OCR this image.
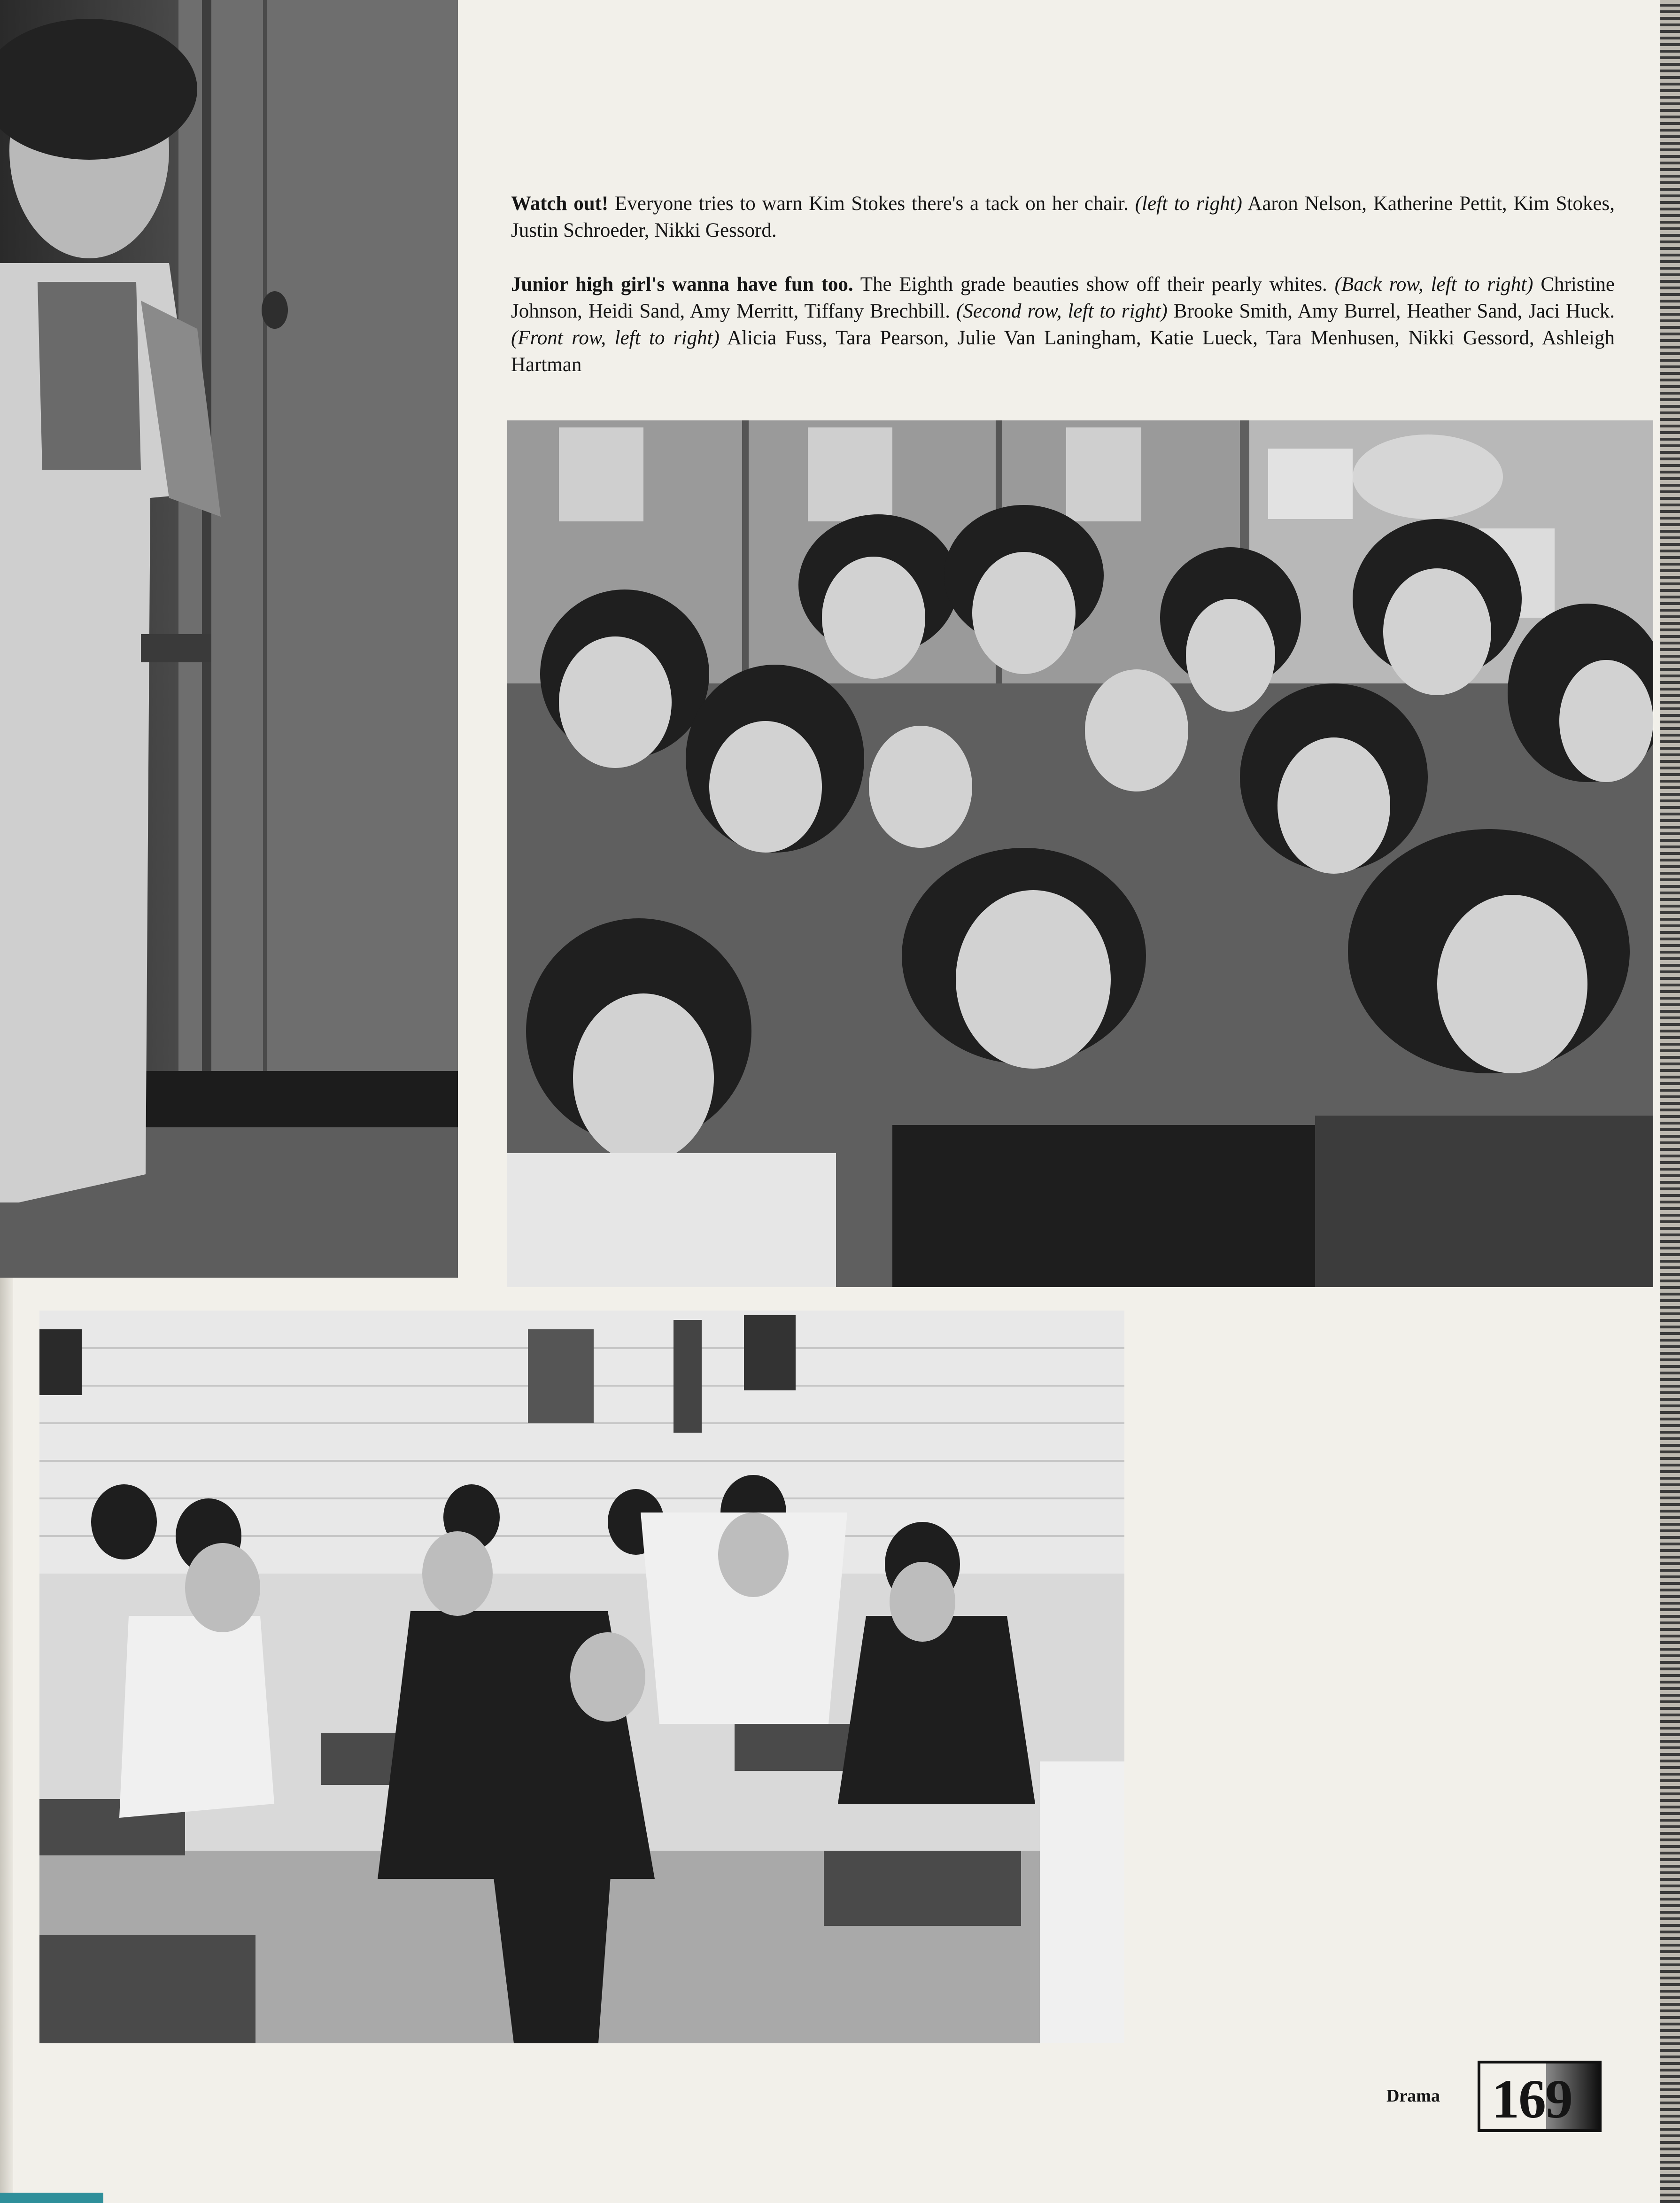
Watch out! Everyone tries to warn Kim Stokes there's a tack on her chair. (left to right) Aaron Nelson, Katherine Pettit, Kim Stokes, Justin Schroeder, Nikki Gessord.

Junior high girl's wanna have fun too. The Eighth grade beauties show off their pearly whites. (Back row, left to right) Christine Johnson, Heidi Sand, Amy Merritt, Tiffany Brechbill. (Second row, left to right) Brooke Smith, Amy Burrel, Heather Sand, Jaci Huck. (Front row, left to right) Alicia Fuss, Tara Pearson, Julie Van Laningham, Katie Lueck, Tara Menhusen, Nikki Gessord, Ashleigh Hartman

Drama 169
